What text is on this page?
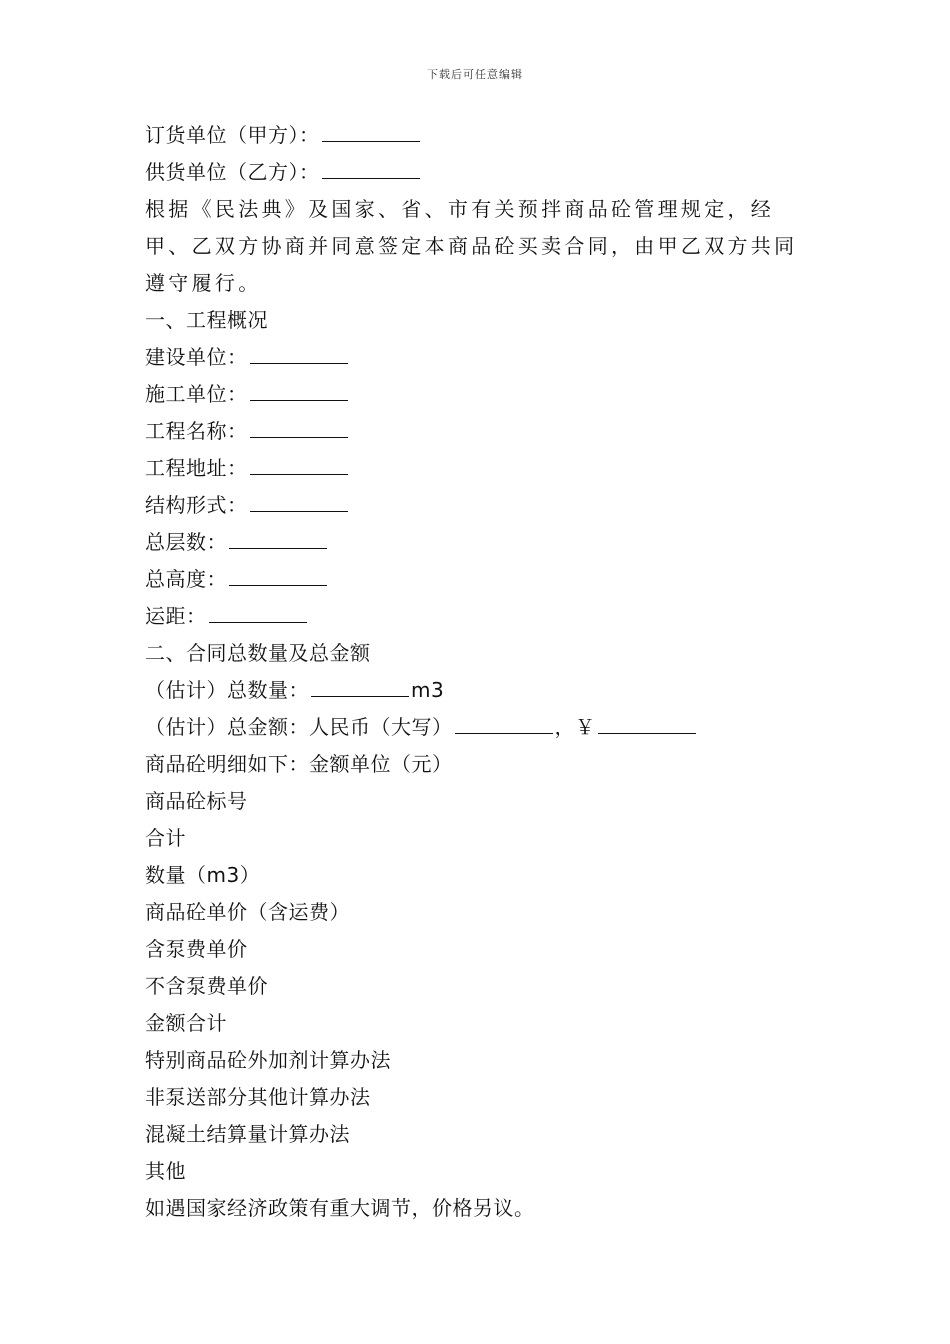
下载后可任意编辑
订货单位（甲方）：
供货单位（乙方）：
根据《民法典》及国家、省、市有关预拌商品砼管理规定，经甲、乙双方协商并同意签定本商品砼买卖合同，由甲乙双方共同遵守履行。
一、工程概况
建设单位：
施工单位：
工程名称：
工程地址：
结构形式：
总层数：
总高度：
运距：
二、合同总数量及总金额
（估计）总数量：	m3
（估计）总金额：人民币（大写）	，￥
商品砼明细如下：金额单位（元）
商品砼标号
合计
数量（m3）
商品砼单价（含运费）
含泵费单价
不含泵费单价
金额合计
特别商品砼外加剂计算办法
非泵送部分其他计算办法
混凝土结算量计算办法
其他
如遇国家经济政策有重大调节，价格另议。
